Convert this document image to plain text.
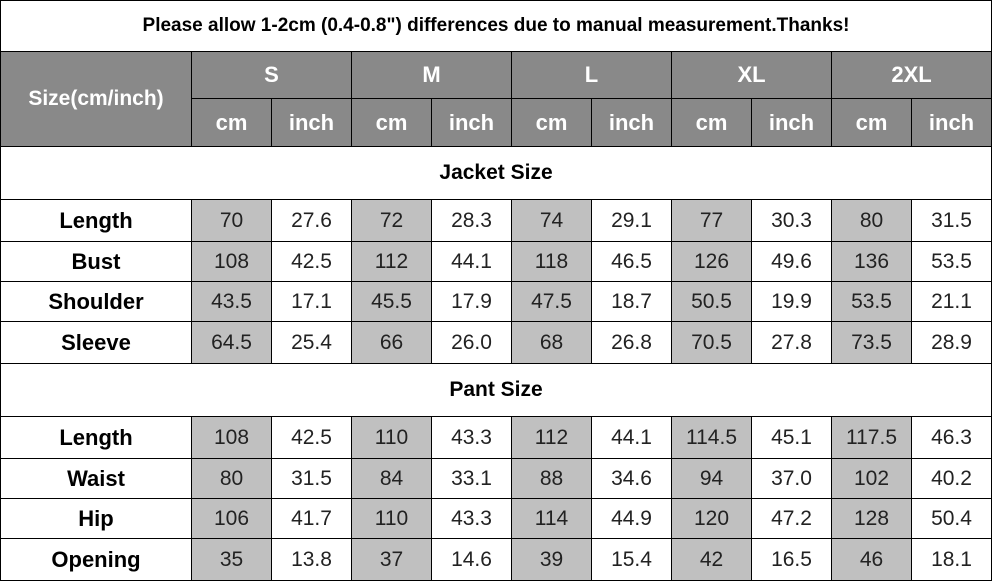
Please allow 1-2cm (0.4-0.8") differences due to manual measurement.Thanks!										
Size(cm/inch)	S		M		L		XL		2XL	
	cm	inch	cm	inch	cm	inch	cm	inch	cm	inch
Jacket Size										
Length	70	27.6	72	28.3	74	29.1	77	30.3	80	31.5
Bust	108	42.5	112	44.1	118	46.5	126	49.6	136	53.5
Shoulder	43.5	17.1	45.5	17.9	47.5	18.7	50.5	19.9	53.5	21.1
Sleeve	64.5	25.4	66	26.0	68	26.8	70.5	27.8	73.5	28.9
Pant Size										
Length	108	42.5	110	43.3	112	44.1	114.5	45.1	117.5	46.3
Waist	80	31.5	84	33.1	88	34.6	94	37.0	102	40.2
Hip	106	41.7	110	43.3	114	44.9	120	47.2	128	50.4
Opening	35	13.8	37	14.6	39	15.4	42	16.5	46	18.1
